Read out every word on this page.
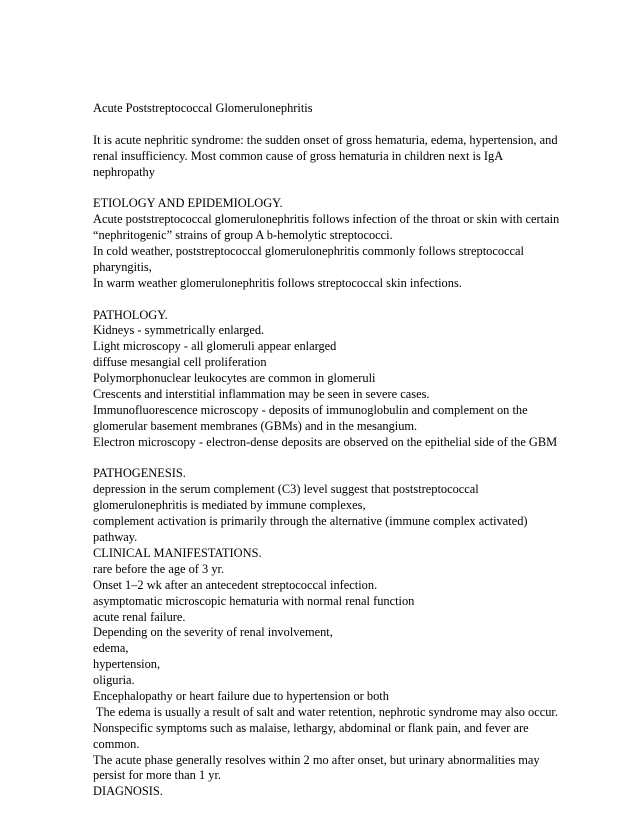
Acute Poststreptococcal Glomerulonephritis
It is acute nephritic syndrome: the sudden onset of gross hematuria, edema, hypertension, and
renal insufficiency. Most common cause of gross hematuria in children next is IgA
nephropathy
ETIOLOGY AND EPIDEMIOLOGY.
Acute poststreptococcal glomerulonephritis follows infection of the throat or skin with certain
“nephritogenic” strains of group A b-hemolytic streptococci.
In cold weather, poststreptococcal glomerulonephritis commonly follows streptococcal
pharyngitis,
In warm weather glomerulonephritis follows streptococcal skin infections.
PATHOLOGY.
Kidneys - symmetrically enlarged.
Light microscopy - all glomeruli appear enlarged
diffuse mesangial cell proliferation
Polymorphonuclear leukocytes are common in glomeruli
Crescents and interstitial inflammation may be seen in severe cases.
Immunofluorescence microscopy - deposits of immunoglobulin and complement on the
glomerular basement membranes (GBMs) and in the mesangium.
Electron microscopy - electron-dense deposits are observed on the epithelial side of the GBM
PATHOGENESIS.
depression in the serum complement (C3) level suggest that poststreptococcal
glomerulonephritis is mediated by immune complexes,
complement activation is primarily through the alternative (immune complex activated)
pathway.
CLINICAL MANIFESTATIONS.
rare before the age of 3 yr.
Onset 1–2 wk after an antecedent streptococcal infection.
asymptomatic microscopic hematuria with normal renal function
acute renal failure.
Depending on the severity of renal involvement,
edema,
hypertension,
oliguria.
Encephalopathy or heart failure due to hypertension or both
The edema is usually a result of salt and water retention, nephrotic syndrome may also occur.
Nonspecific symptoms such as malaise, lethargy, abdominal or flank pain, and fever are
common.
The acute phase generally resolves within 2 mo after onset, but urinary abnormalities may
persist for more than 1 yr.
DIAGNOSIS.
